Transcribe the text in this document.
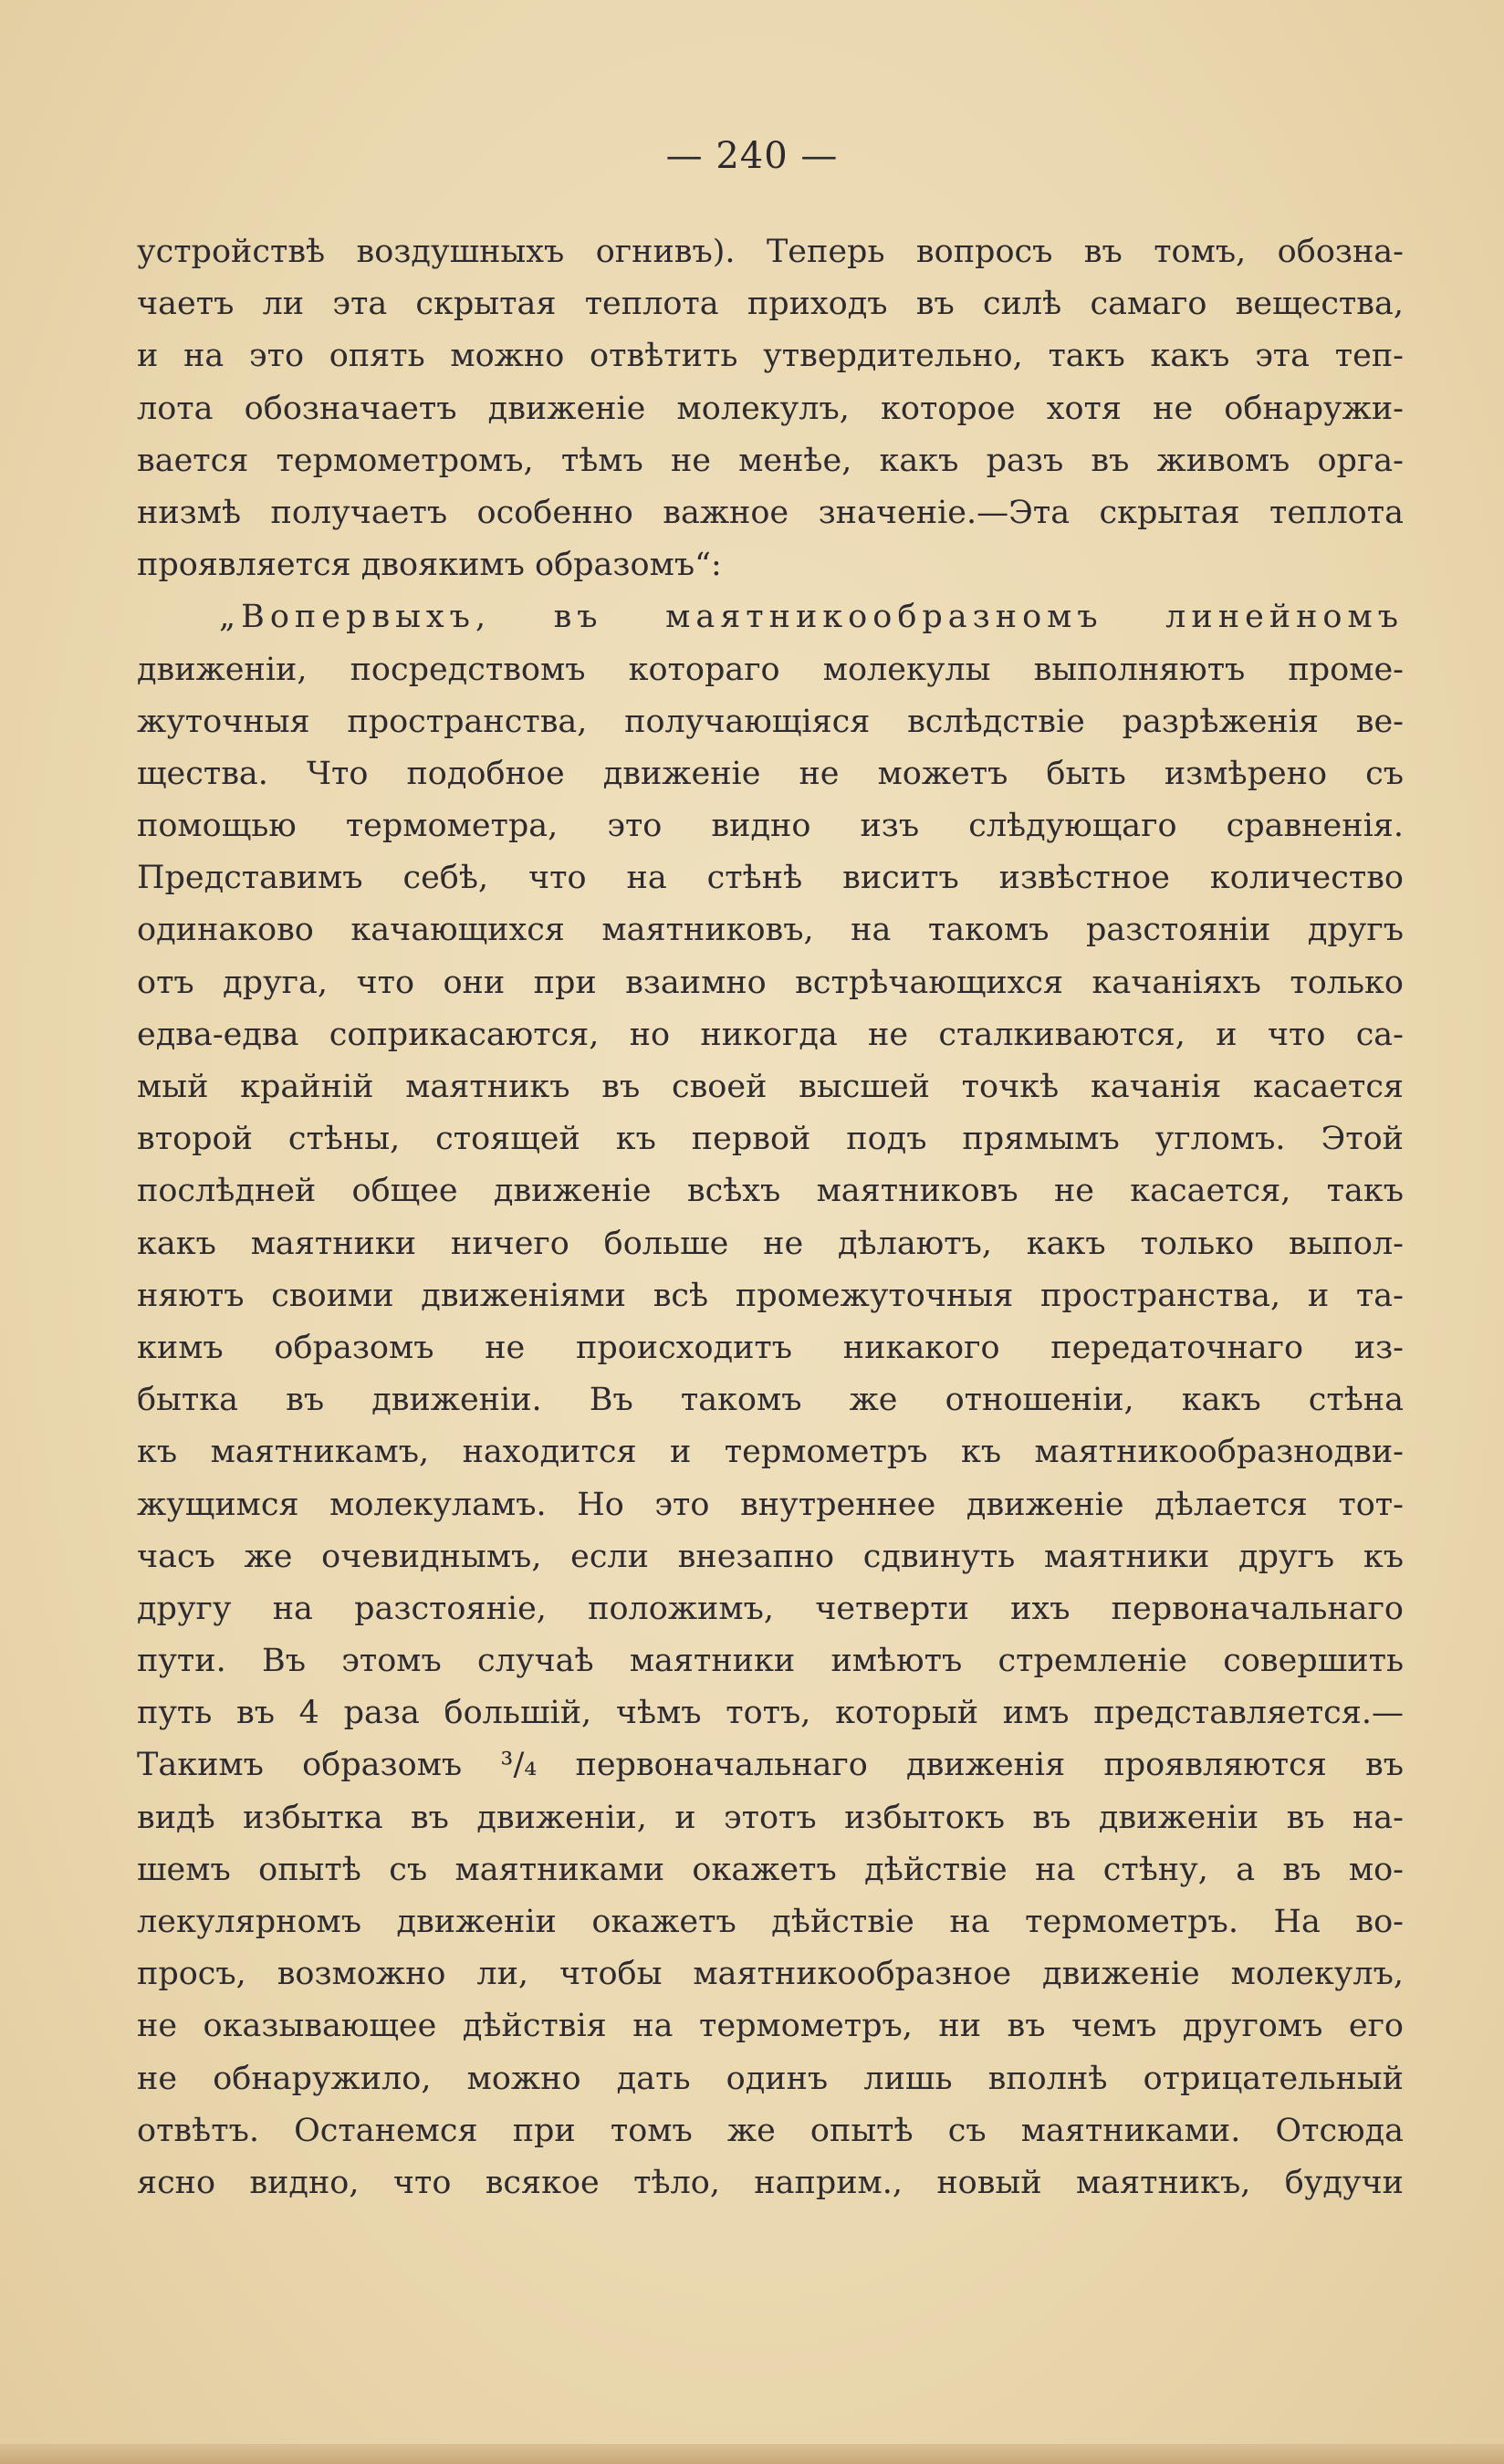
— 240 —
устройствѣ воздушныхъ огнивъ). Теперь вопросъ въ томъ, обозна-
чаетъ ли эта скрытая теплота приходъ въ силѣ самаго вещества,
и на это опять можно отвѣтить утвердительно, такъ какъ эта теп-
лота обозначаетъ движеніе молекулъ, которое хотя не обнаружи-
вается термометромъ, тѣмъ не менѣе, какъ разъ въ живомъ орга-
низмѣ получаетъ особенно важное значеніе.—Эта скрытая теплота
проявляется двоякимъ образомъ“:
„Вопервыхъ, въ маятникообразномъ линейномъ
движеніи, посредствомъ котораго молекулы выполняютъ проме-
жуточныя пространства, получающіяся вслѣдствіе разрѣженія ве-
щества. Что подобное движеніе не можетъ быть измѣрено съ
помощью термометра, это видно изъ слѣдующаго сравненія.
Представимъ себѣ, что на стѣнѣ виситъ извѣстное количество
одинаково качающихся маятниковъ, на такомъ разстояніи другъ
отъ друга, что они при взаимно встрѣчающихся качаніяхъ только
едва-едва соприкасаются, но никогда не сталкиваются, и что са-
мый крайній маятникъ въ своей высшей точкѣ качанія касается
второй стѣны, стоящей къ первой подъ прямымъ угломъ. Этой
послѣдней общее движеніе всѣхъ маятниковъ не касается, такъ
какъ маятники ничего больше не дѣлаютъ, какъ только выпол-
няютъ своими движеніями всѣ промежуточныя пространства, и та-
кимъ образомъ не происходитъ никакого передаточнаго из-
бытка въ движеніи. Въ такомъ же отношеніи, какъ стѣна
къ маятникамъ, находится и термометръ къ маятникообразнодви-
жущимся молекуламъ. Но это внутреннее движеніе дѣлается тот-
часъ же очевиднымъ, если внезапно сдвинуть маятники другъ къ
другу на разстояніе, положимъ, четверти ихъ первоначальнаго
пути. Въ этомъ случаѣ маятники имѣютъ стремленіе совершить
путь въ 4 раза большій, чѣмъ тотъ, который имъ представляется.—
Такимъ образомъ ³/₄ первоначальнаго движенія проявляются въ
видѣ избытка въ движеніи, и этотъ избытокъ въ движеніи въ на-
шемъ опытѣ съ маятниками окажетъ дѣйствіе на стѣну, а въ мо-
лекулярномъ движеніи окажетъ дѣйствіе на термометръ. На во-
просъ, возможно ли, чтобы маятникообразное движеніе молекулъ,
не оказывающее дѣйствія на термометръ, ни въ чемъ другомъ его
не обнаружило, можно дать одинъ лишь вполнѣ отрицательный
отвѣтъ. Останемся при томъ же опытѣ съ маятниками. Отсюда
ясно видно, что всякое тѣло, наприм., новый маятникъ, будучи
